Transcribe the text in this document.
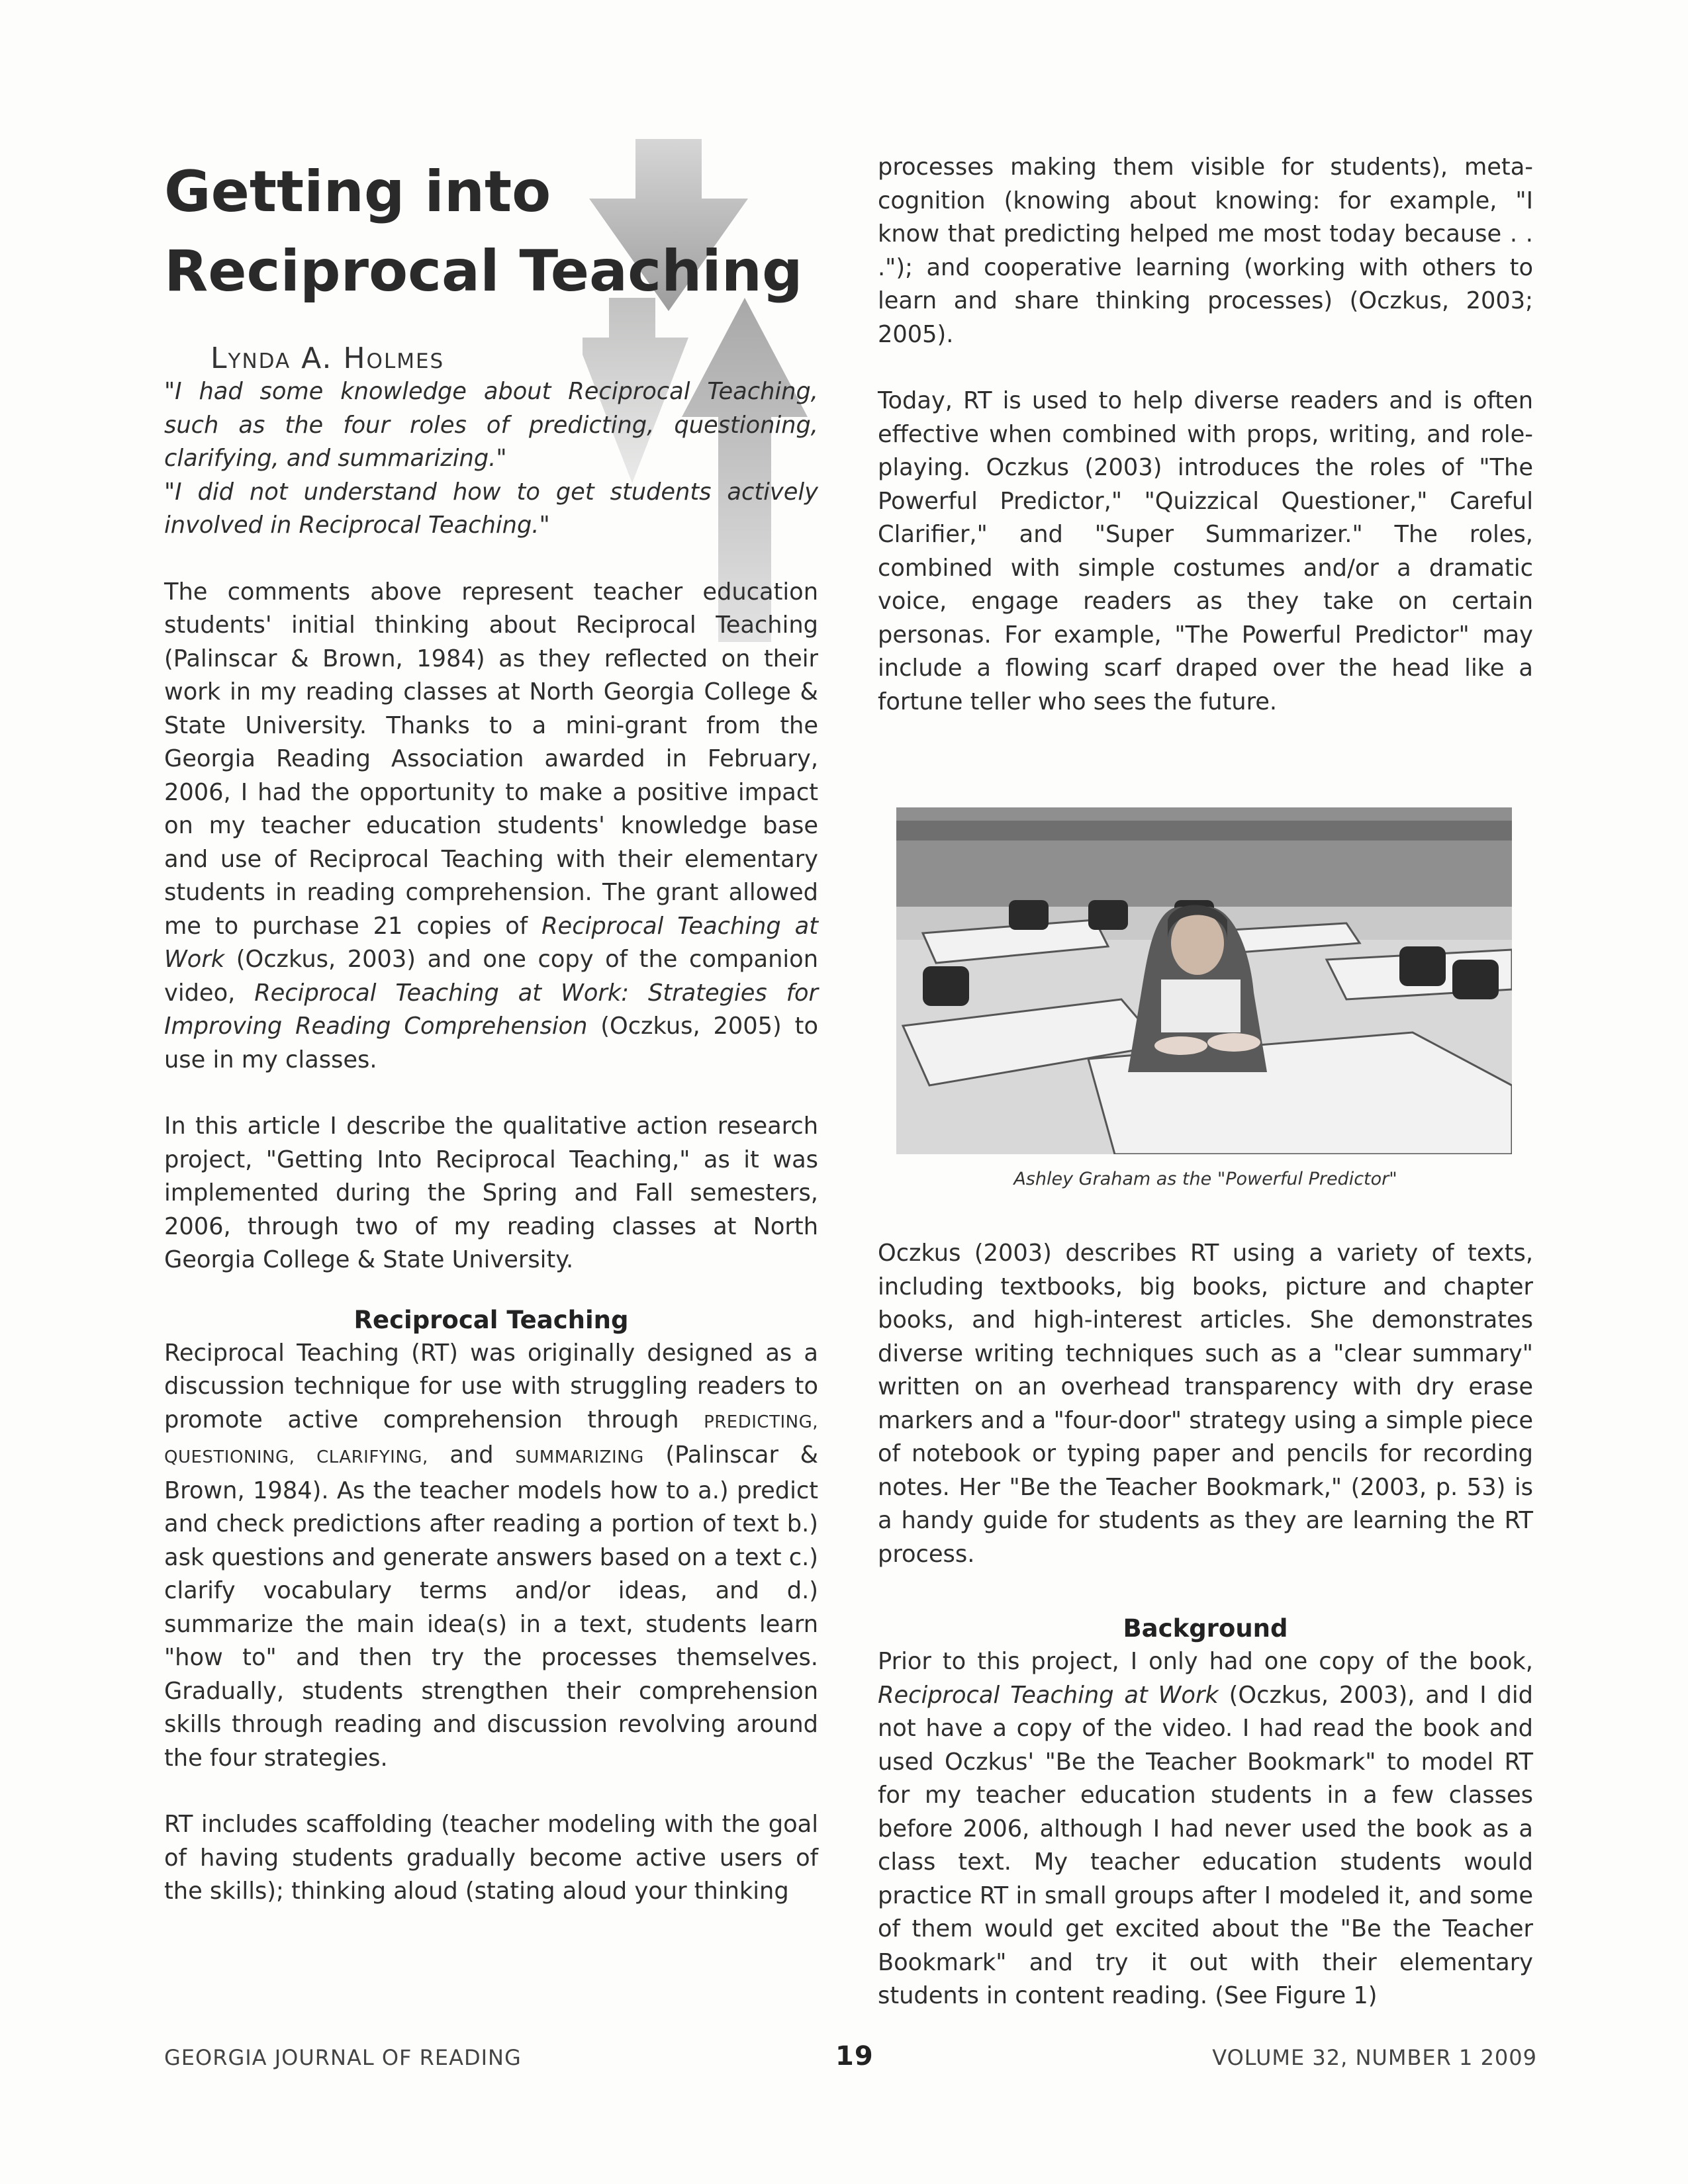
Getting into
Reciprocal Teaching
Lynda A. Holmes

"I had some knowledge about Reciprocal Teaching, such as the four roles of predicting, questioning, clarifying, and summarizing."

"I did not understand how to get students actively involved in Reciprocal Teaching."

The comments above represent teacher education students' initial thinking about Reciprocal Teaching (Palinscar & Brown, 1984) as they reflected on their work in my reading classes at North Georgia College & State University. Thanks to a mini-grant from the Georgia Reading Association awarded in February, 2006, I had the opportunity to make a positive impact on my teacher education students' knowledge base and use of Reciprocal Teaching with their elementary students in reading comprehension. The grant allowed me to purchase 21 copies of Reciprocal Teaching at Work (Oczkus, 2003) and one copy of the companion video, Reciprocal Teaching at Work: Strategies for Improving Reading Comprehension (Oczkus, 2005) to use in my classes.

In this article I describe the qualitative action research project, "Getting Into Reciprocal Teaching," as it was implemented during the Spring and Fall semesters, 2006, through two of my reading classes at North Georgia College & State University.

Reciprocal Teaching

Reciprocal Teaching (RT) was originally designed as a discussion technique for use with struggling readers to promote active comprehension through PREDICTING, QUESTIONING, CLARIFYING, and SUMMARIZING (Palinscar & Brown, 1984). As the teacher models how to a.) predict and check predictions after reading a portion of text b.) ask questions and generate answers based on a text c.) clarify vocabulary terms and/or ideas, and d.) summarize the main idea(s) in a text, students learn "how to" and then try the processes themselves. Gradually, students strengthen their comprehension skills through reading and discussion revolving around the four strategies.

RT includes scaffolding (teacher modeling with the goal of having students gradually become active users of the skills); thinking aloud (stating aloud your thinking

processes making them visible for students), meta-cognition (knowing about knowing: for example, "I know that predicting helped me most today because . . ."); and cooperative learning (working with others to learn and share thinking processes) (Oczkus, 2003; 2005).

Today, RT is used to help diverse readers and is often effective when combined with props, writing, and role-playing. Oczkus (2003) introduces the roles of "The Powerful Predictor," "Quizzical Questioner," Careful Clarifier," and "Super Summarizer." The roles, combined with simple costumes and/or a dramatic voice, engage readers as they take on certain personas. For example, "The Powerful Predictor" may include a flowing scarf draped over the head like a fortune teller who sees the future.

Ashley Graham as the "Powerful Predictor"

Oczkus (2003) describes RT using a variety of texts, including textbooks, big books, picture and chapter books, and high-interest articles. She demonstrates diverse writing techniques such as a "clear summary" written on an overhead transparency with dry erase markers and a "four-door" strategy using a simple piece of notebook or typing paper and pencils for recording notes. Her "Be the Teacher Bookmark," (2003, p. 53) is a handy guide for students as they are learning the RT process.

Background

Prior to this project, I only had one copy of the book, Reciprocal Teaching at Work (Oczkus, 2003), and I did not have a copy of the video. I had read the book and used Oczkus' "Be the Teacher Bookmark" to model RT for my teacher education students in a few classes before 2006, although I had never used the book as a class text. My teacher education students would practice RT in small groups after I modeled it, and some of them would get excited about the "Be the Teacher Bookmark" and try it out with their elementary students in content reading. (See Figure 1)

GEORGIA JOURNAL OF READING	19	VOLUME 32, NUMBER 1 2009
